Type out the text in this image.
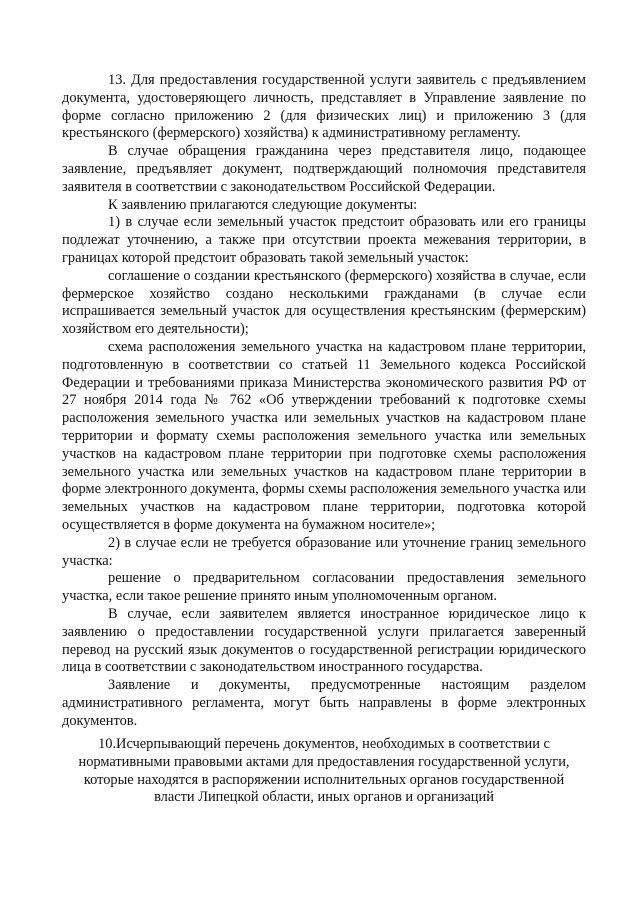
13. Для предоставления государственной услуги заявитель с предъявлением документа, удостоверяющего личность, представляет в Управление заявление по форме согласно приложению 2 (для физических лиц) и приложению 3 (для крестьянского (фермерского) хозяйства) к административному регламенту.

В случае обращения гражданина через представителя лицо, подающее заявление, предъявляет документ, подтверждающий полномочия представителя заявителя в соответствии с законодательством Российской Федерации.

К заявлению прилагаются следующие документы:

1) в случае если земельный участок предстоит образовать или его границы подлежат уточнению, а также при отсутствии проекта межевания территории, в границах которой предстоит образовать такой земельный участок:

соглашение о создании крестьянского (фермерского) хозяйства в случае, если фермерское хозяйство создано несколькими гражданами (в случае если испрашивается земельный участок для осуществления крестьянским (фермерским) хозяйством его деятельности);

схема расположения земельного участка на кадастровом плане территории, подготовленную в соответствии со статьей 11 Земельного кодекса Российской Федерации и требованиями приказа Министерства экономического развития РФ от 27 ноября 2014 года № 762 «Об утверждении требований к подготовке схемы расположения земельного участка или земельных участков на кадастровом плане территории и формату схемы расположения земельного участка или земельных участков на кадастровом плане территории при подготовке схемы расположения земельного участка или земельных участков на кадастровом плане территории в форме электронного документа, формы схемы расположения земельного участка или земельных участков на кадастровом плане территории, подготовка которой осуществляется в форме документа на бумажном носителе»;

2) в случае если не требуется образование или уточнение границ земельного участка:

решение о предварительном согласовании предоставления земельного участка, если такое решение принято иным уполномоченным органом.

В случае, если заявителем является иностранное юридическое лицо к заявлению о предоставлении государственной услуги прилагается заверенный перевод на русский язык документов о государственной регистрации юридического лица в соответствии с законодательством иностранного государства.

Заявление и документы, предусмотренные настоящим разделом административного регламента, могут быть направлены в форме электронных документов.

10.Исчерпывающий перечень документов, необходимых в соответствии с нормативными правовыми актами для предоставления государственной услуги, которые находятся в распоряжении исполнительных органов государственной власти Липецкой области, иных органов и организаций
